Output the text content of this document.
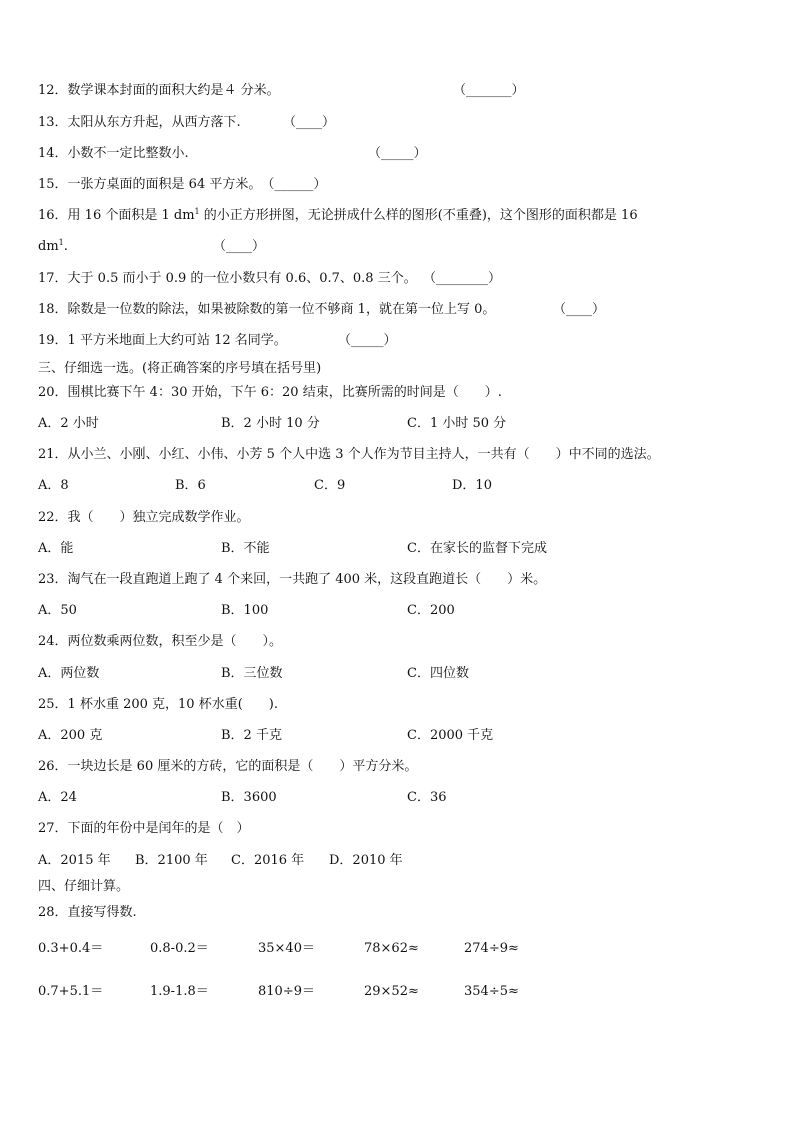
12．数学课本封面的面积大约是４ 分米。	（_______）
13．太阳从东方升起，从西方落下.	（____）
14．小数不一定比整数小.	（_____）
15．一张方桌面的面积是 64 平方米。（______）
16．用 16 个面积是 1 $dm^1$ 的小正方形拼图，无论拼成什么样的图形(不重叠)，这个图形的面积都是 16
$dm^1$.	（____）
17．大于 0.5 而小于 0.9 的一位小数只有 0.6、0.7、0.8 三个。 （________）
18．除数是一位数的除法，如果被除数的第一位不够商 1，就在第一位上写 0。	（____）
19．1 平方米地面上大约可站 12 名同学。	（_____）
三、仔细选一选。(将正确答案的序号填在括号里)
20．围棋比赛下午 4：30 开始，下午 6：20 结束，比赛所需的时间是（　　）.
A．2 小时	B．2 小时 10 分	C．1 小时 50 分
21．从小兰、小刚、小红、小伟、小芳 5 个人中选 3 个人作为节目主持人，一共有（　　）中不同的选法。
A．8	B．6	C．9	D．10
22．我（　　）独立完成数学作业。
A．能	B．不能	C．在家长的监督下完成
23．淘气在一段直跑道上跑了 4 个来回，一共跑了 400 米，这段直跑道长（　　）米。
A．50	B．100	C．200
24．两位数乘两位数，积至少是（　　）。
A．两位数	B．三位数	C．四位数
25．1 杯水重 200 克，10 杯水重(　　).
A．200 克	B．2 千克	C．2000 千克
26．一块边长是 60 厘米的方砖，它的面积是（　　）平方分米。
A．24	B．3600	C．36
27．下面的年份中是闰年的是（　）
A．2015 年 B．2100 年 C．2016 年 D．2010 年
四、仔细计算。
28．直接写得数.
0.3+0.4＝	0.8-0.2＝	35×40＝	78×62≈	274÷9≈
0.7+5.1＝	1.9-1.8＝	810÷9＝	29×52≈	354÷5≈
